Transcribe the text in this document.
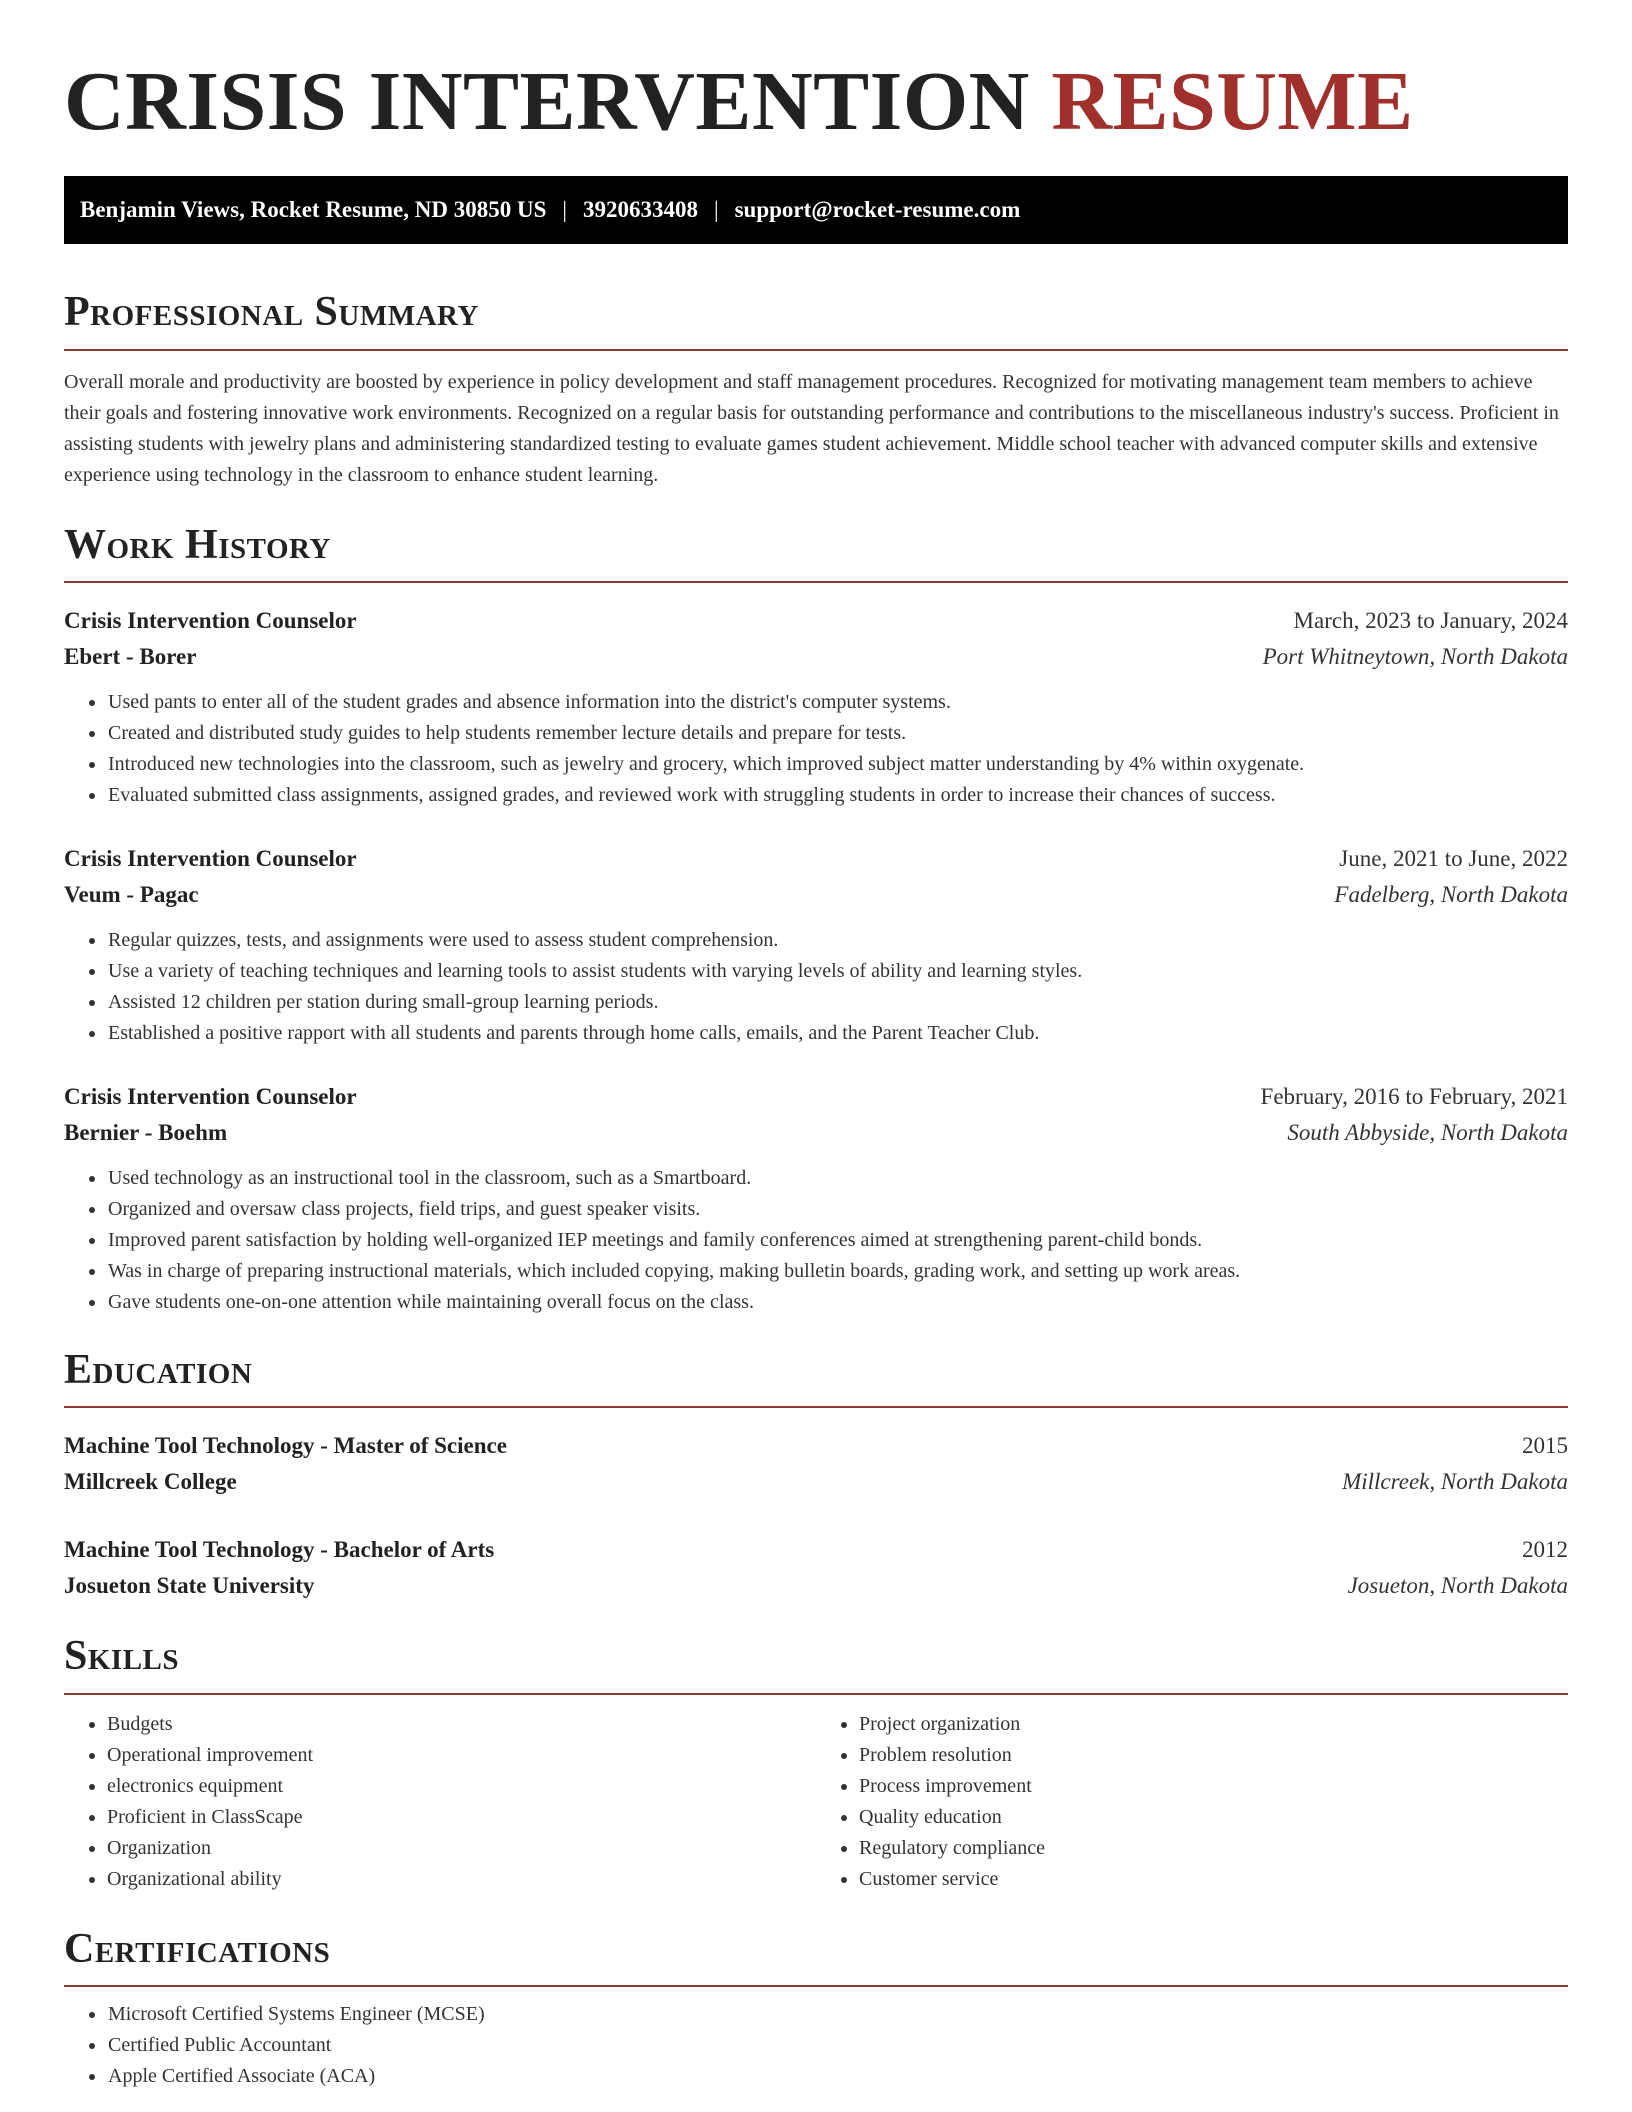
CRISIS INTERVENTION RESUME
Benjamin Views, Rocket Resume, ND 30850 US | 3920633408 | support@rocket-resume.com
Professional Summary

Overall morale and productivity are boosted by experience in policy development and staff management procedures. Recognized for motivating management team members to achieve their goals and fostering innovative work environments. Recognized on a regular basis for outstanding performance and contributions to the miscellaneous industry's success. Proficient in assisting students with jewelry plans and administering standardized testing to evaluate games student achievement. Middle school teacher with advanced computer skills and extensive experience using technology in the classroom to enhance student learning.

Work History
Crisis Intervention Counselor	March, 2023 to January, 2024
Ebert - Borer	Port Whitneytown, North Dakota
• Used pants to enter all of the student grades and absence information into the district's computer systems.
• Created and distributed study guides to help students remember lecture details and prepare for tests.
• Introduced new technologies into the classroom, such as jewelry and grocery, which improved subject matter understanding by 4% within oxygenate.
• Evaluated submitted class assignments, assigned grades, and reviewed work with struggling students in order to increase their chances of success.
Crisis Intervention Counselor	June, 2021 to June, 2022
Veum - Pagac	Fadelberg, North Dakota
• Regular quizzes, tests, and assignments were used to assess student comprehension.
• Use a variety of teaching techniques and learning tools to assist students with varying levels of ability and learning styles.
• Assisted 12 children per station during small-group learning periods.
• Established a positive rapport with all students and parents through home calls, emails, and the Parent Teacher Club.
Crisis Intervention Counselor	February, 2016 to February, 2021
Bernier - Boehm	South Abbyside, North Dakota
• Used technology as an instructional tool in the classroom, such as a Smartboard.
• Organized and oversaw class projects, field trips, and guest speaker visits.
• Improved parent satisfaction by holding well-organized IEP meetings and family conferences aimed at strengthening parent-child bonds.
• Was in charge of preparing instructional materials, which included copying, making bulletin boards, grading work, and setting up work areas.
• Gave students one-on-one attention while maintaining overall focus on the class.
Education
Machine Tool Technology - Master of Science	2015
Millcreek College	Millcreek, North Dakota
Machine Tool Technology - Bachelor of Arts	2012
Josueton State University	Josueton, North Dakota
Skills
• Budgets
• Operational improvement
• electronics equipment
• Proficient in ClassScape
• Organization
• Organizational ability
• Project organization
• Problem resolution
• Process improvement
• Quality education
• Regulatory compliance
• Customer service
Certifications
• Microsoft Certified Systems Engineer (MCSE)
• Certified Public Accountant
• Apple Certified Associate (ACA)
